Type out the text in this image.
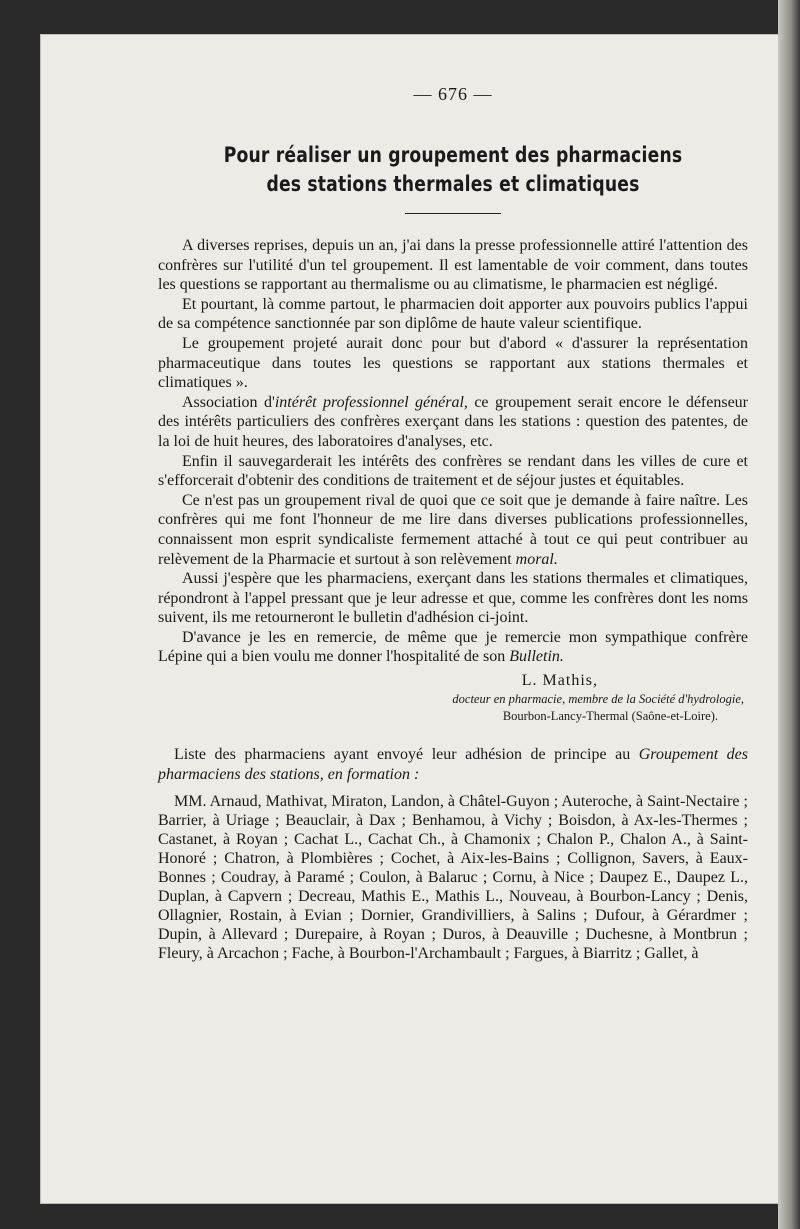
— 676 —
Pour réaliser un groupement des pharmaciens
des stations thermales et climatiques

A diverses reprises, depuis un an, j'ai dans la presse professionnelle attiré l'attention des confrères sur l'utilité d'un tel groupement. Il est lamentable de voir comment, dans toutes les questions se rapportant au thermalisme ou au climatisme, le pharmacien est négligé.

Et pourtant, là comme partout, le pharmacien doit apporter aux pouvoirs publics l'appui de sa compétence sanctionnée par son diplôme de haute valeur scientifique.

Le groupement projeté aurait donc pour but d'abord « d'assurer la représentation pharmaceutique dans toutes les questions se rapportant aux stations thermales et climatiques ».

Association d'intérêt professionnel général, ce groupement serait encore le défenseur des intérêts particuliers des confrères exerçant dans les stations : question des patentes, de la loi de huit heures, des laboratoires d'analyses, etc.

Enfin il sauvegarderait les intérêts des confrères se rendant dans les villes de cure et s'efforcerait d'obtenir des conditions de traitement et de séjour justes et équitables.

Ce n'est pas un groupement rival de quoi que ce soit que je demande à faire naître. Les confrères qui me font l'honneur de me lire dans diverses publications professionnelles, connaissent mon esprit syndicaliste fermement attaché à tout ce qui peut contribuer au relèvement de la Pharmacie et surtout à son relèvement moral.

Aussi j'espère que les pharmaciens, exerçant dans les stations thermales et climatiques, répondront à l'appel pressant que je leur adresse et que, comme les confrères dont les noms suivent, ils me retourneront le bulletin d'adhésion ci-joint.

D'avance je les en remercie, de même que je remercie mon sympathique confrère Lépine qui a bien voulu me donner l'hospitalité de son Bulletin.

L. Mathis,
docteur en pharmacie, membre de la Société d'hydrologie,
Bourbon-Lancy-Thermal (Saône-et-Loire).

Liste des pharmaciens ayant envoyé leur adhésion de principe au Groupement des pharmaciens des stations, en formation :

MM. Arnaud, Mathivat, Miraton, Landon, à Châtel-Guyon ; Auteroche, à Saint-Nectaire ; Barrier, à Uriage ; Beauclair, à Dax ; Benhamou, à Vichy ; Boisdon, à Ax-les-Thermes ; Castanet, à Royan ; Cachat L., Cachat Ch., à Chamonix ; Chalon P., Chalon A., à Saint-Honoré ; Chatron, à Plombières ; Cochet, à Aix-les-Bains ; Collignon, Savers, à Eaux-Bonnes ; Coudray, à Paramé ; Coulon, à Balaruc ; Cornu, à Nice ; Daupez E., Daupez L., Duplan, à Capvern ; Decreau, Mathis E., Mathis L., Nouveau, à Bourbon-Lancy ; Denis, Ollagnier, Rostain, à Evian ; Dornier, Grandivilliers, à Salins ; Dufour, à Gérardmer ; Dupin, à Allevard ; Durepaire, à Royan ; Duros, à Deauville ; Duchesne, à Montbrun ; Fleury, à Arcachon ; Fache, à Bourbon-l'Archambault ; Fargues, à Biarritz ; Gallet, à
